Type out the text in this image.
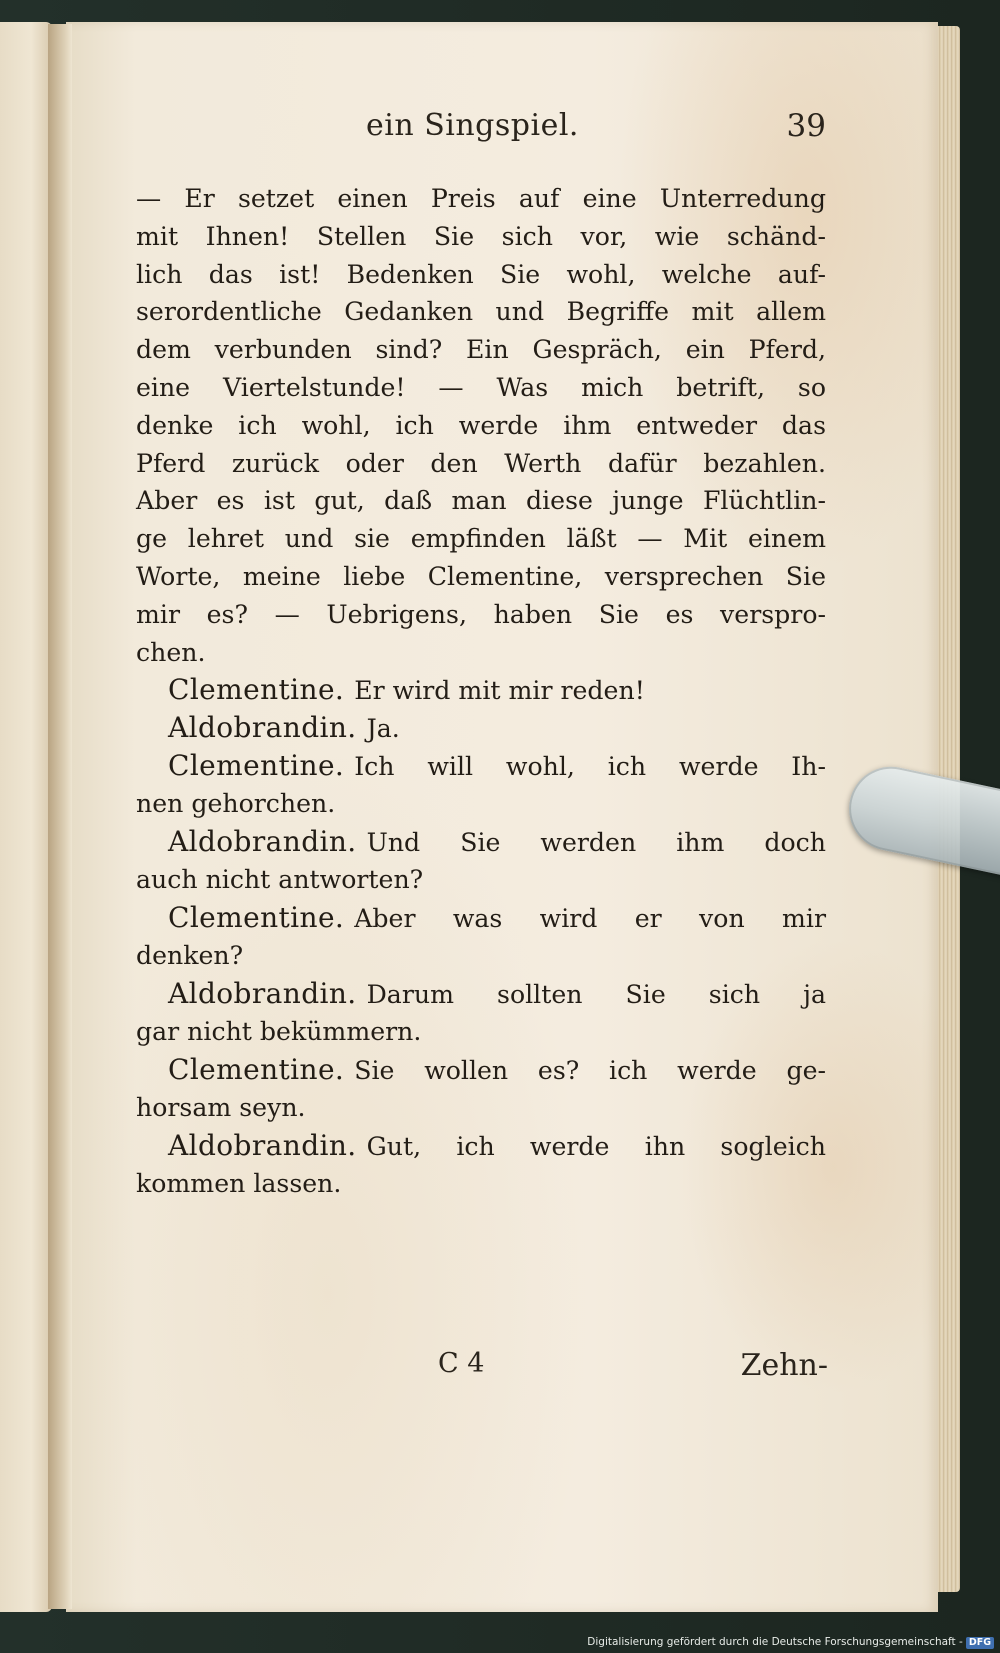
ein Singspiel.	39
— Er setzet einen Preis auf eine Unterredung
mit Ihnen! Stellen Sie sich vor, wie schänd-
lich das ist! Bedenken Sie wohl, welche auf-
serordentliche Gedanken und Begriffe mit allem
dem verbunden sind? Ein Gespräch, ein Pferd,
eine Viertelstunde! — Was mich betrift, so
denke ich wohl, ich werde ihm entweder das
Pferd zurück oder den Werth dafür bezahlen.
Aber es ist gut, daß man diese junge Flüchtlin-
ge lehret und sie empfinden läßt — Mit einem
Worte, meine liebe Clementine, versprechen Sie
mir es? — Uebrigens, haben Sie es verspro-
chen.
Clementine. Er wird mit mir reden!
Aldobrandin. Ja.
Clementine. Ich will wohl, ich werde Ih-
nen gehorchen.
Aldobrandin. Und Sie werden ihm doch
auch nicht antworten?
Clementine. Aber was wird er von mir
denken?
Aldobrandin. Darum sollten Sie sich ja
gar nicht bekümmern.
Clementine. Sie wollen es? ich werde ge-
horsam seyn.
Aldobrandin. Gut, ich werde ihn sogleich
kommen lassen.
C 4	Zehn-
Digitalisierung gefördert durch die Deutsche Forschungsgemeinschaft - DFG
